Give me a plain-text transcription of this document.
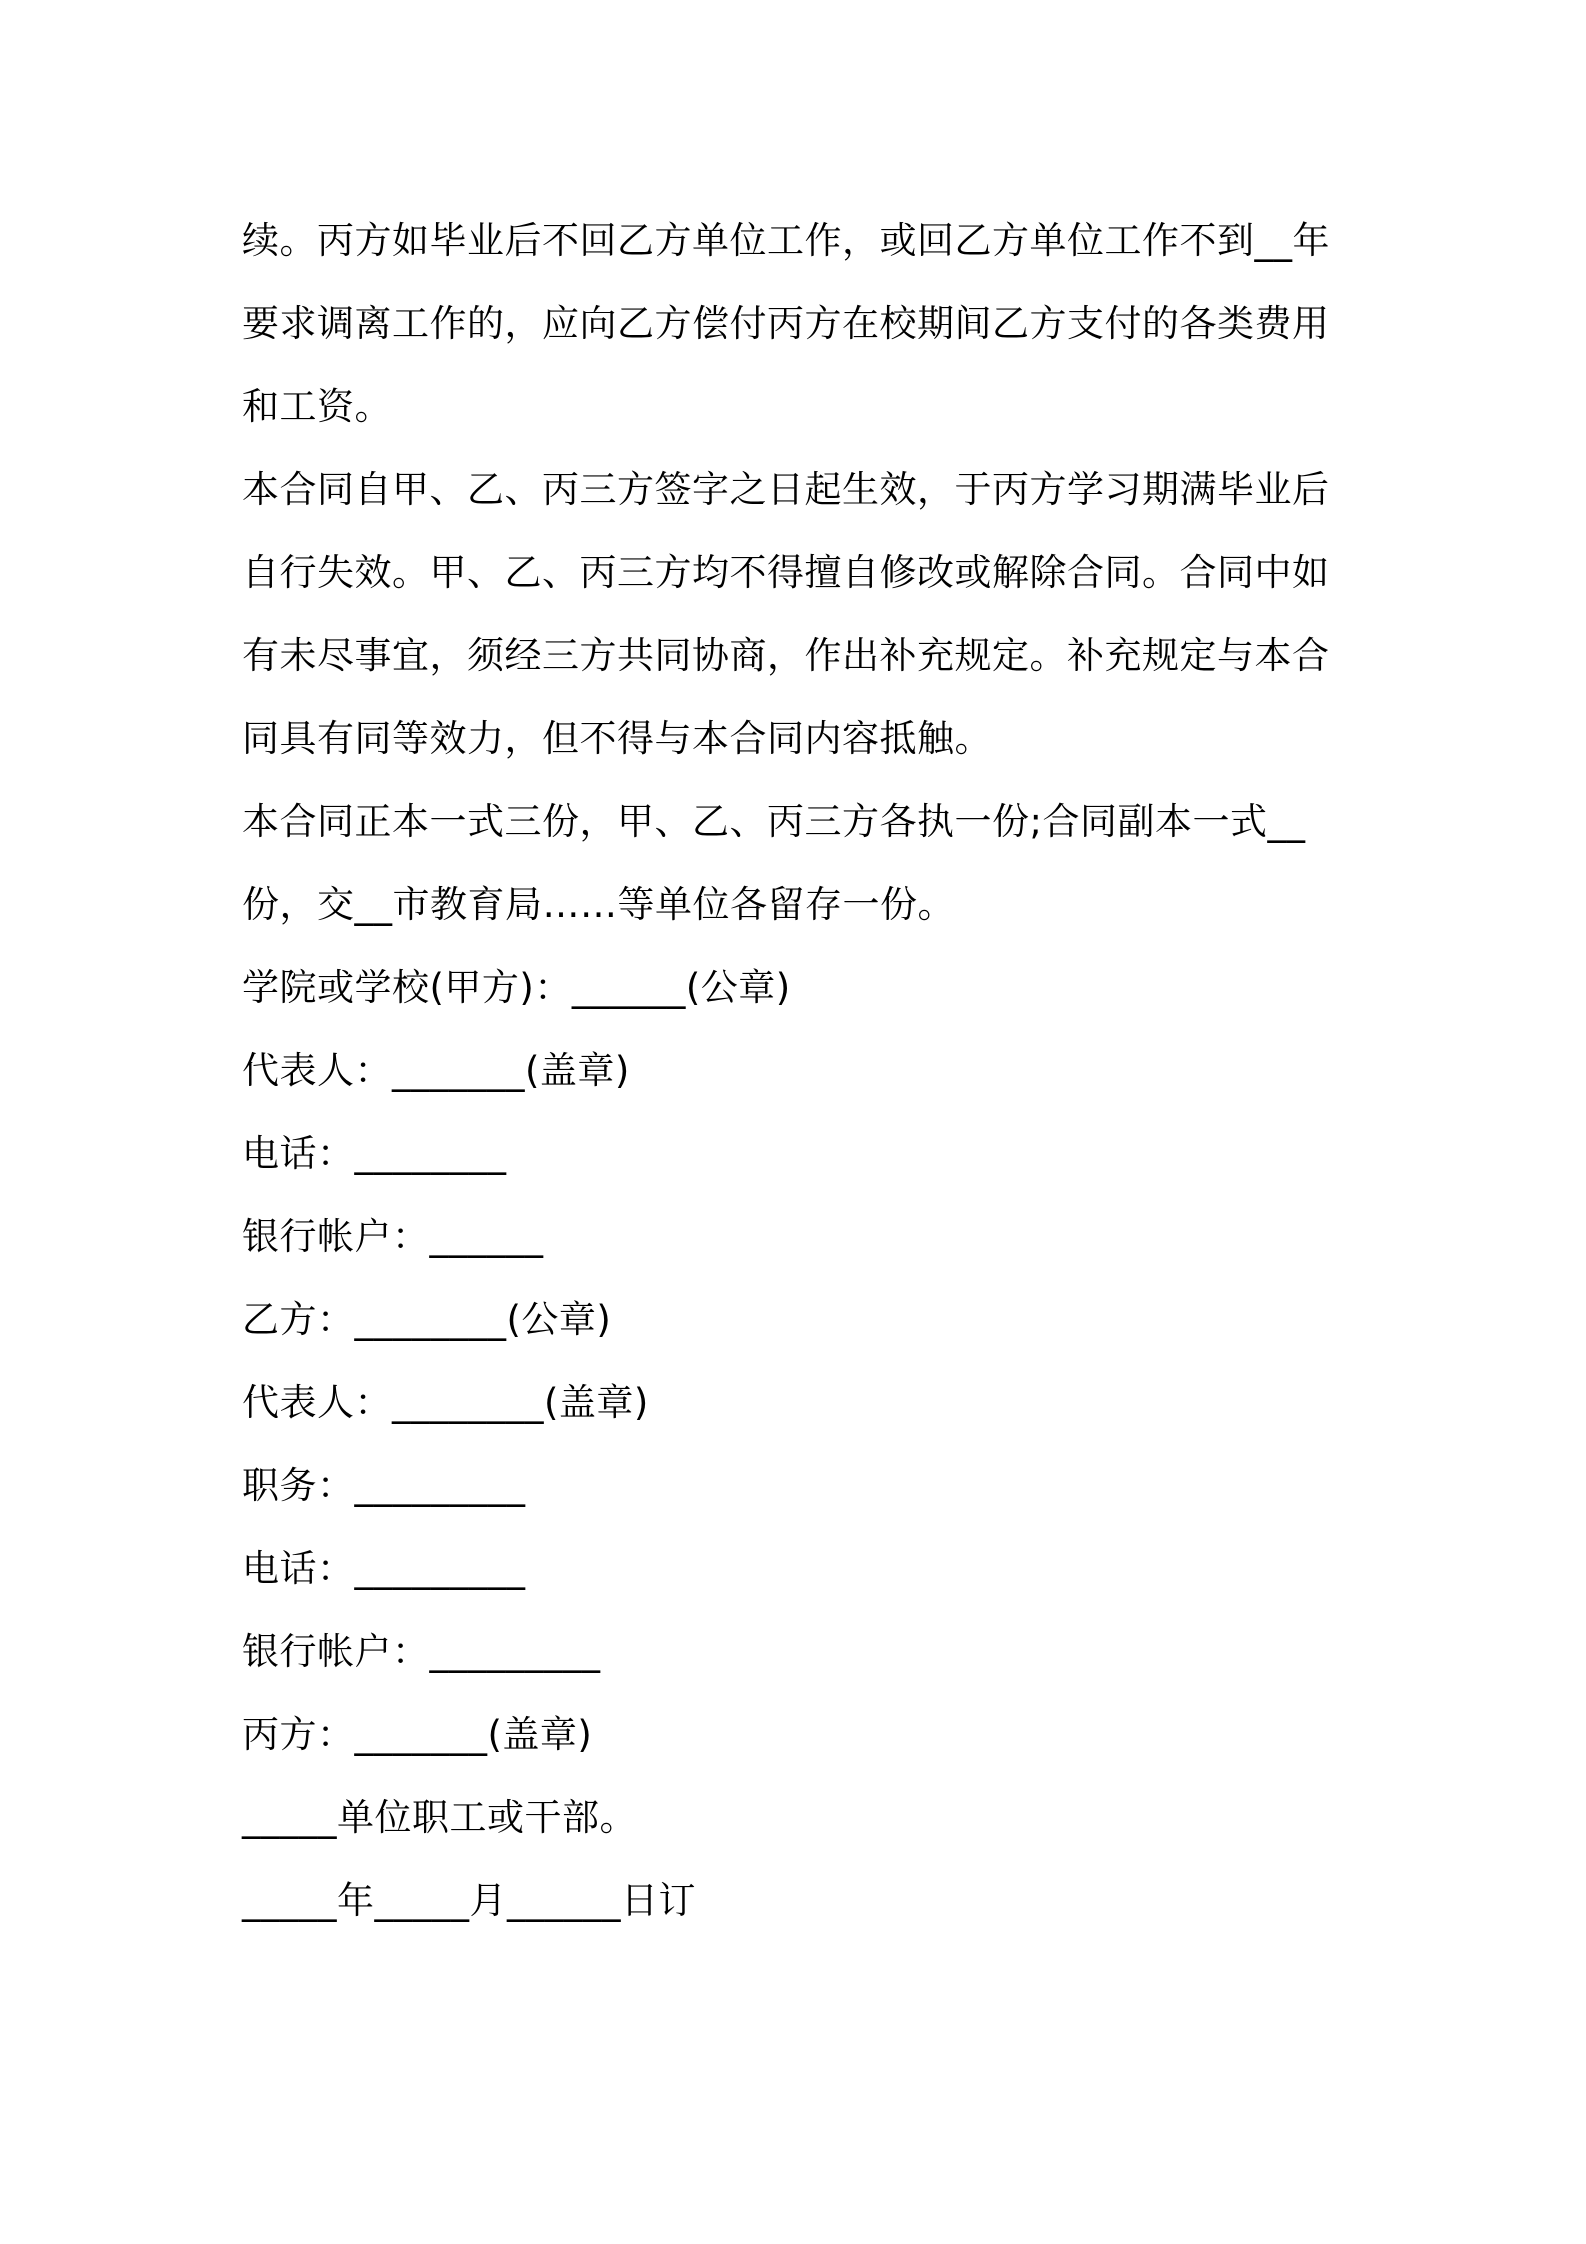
续。丙方如毕业后不回乙方单位工作，或回乙方单位工作不到__年要求调离工作的，应向乙方偿付丙方在校期间乙方支付的各类费用和工资。

本合同自甲、乙、丙三方签字之日起生效，于丙方学习期满毕业后自行失效。甲、乙、丙三方均不得擅自修改或解除合同。合同中如有未尽事宜，须经三方共同协商，作出补充规定。补充规定与本合同具有同等效力，但不得与本合同内容抵触。

本合同正本一式三份，甲、乙、丙三方各执一份;合同副本一式__份，交__市教育局……等单位各留存一份。

学院或学校(甲方)：______(公章)
代表人：_______(盖章)
电话：________
银行帐户：______
乙方：________(公章)
代表人：________(盖章)
职务：_________
电话：_________
银行帐户：_________
丙方：_______(盖章)
_____单位职工或干部。
_____年_____月______日订
